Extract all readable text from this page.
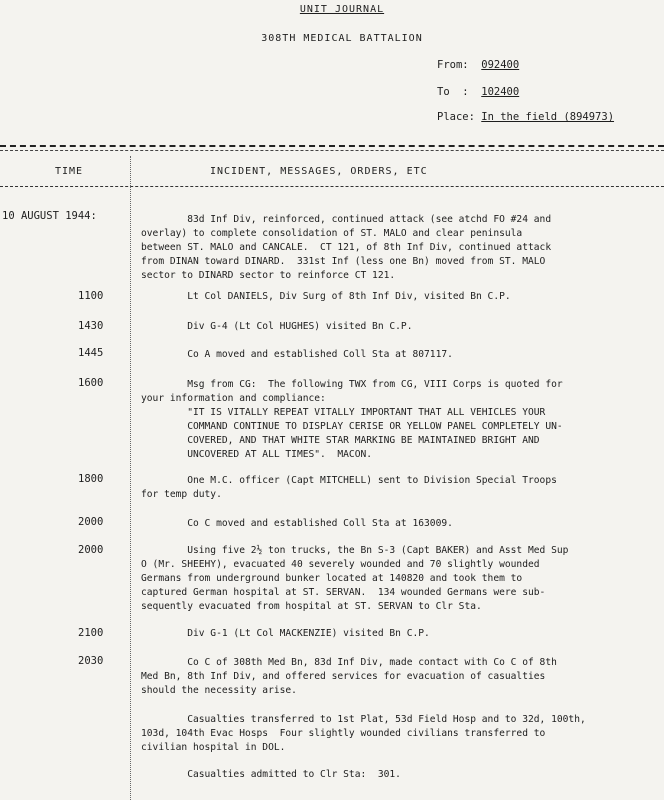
UNIT JOURNAL
308TH MEDICAL BATTALION
From:  092400
To  :  102400
Place: In the field (894973)
TIME	INCIDENT, MESSAGES, ORDERS, ETC
10 AUGUST 1944:	83d Inf Div, reinforced, continued attack (see atchd FO #24 and
overlay) to complete consolidation of ST. MALO and clear peninsula
between ST. MALO and CANCALE.  CT 121, of 8th Inf Div, continued attack
from DINAN toward DINARD.  331st Inf (less one Bn) moved from ST. MALO
sector to DINARD sector to reinforce CT 121.
1100	Lt Col DANIELS, Div Surg of 8th Inf Div, visited Bn C.P.
1430	Div G-4 (Lt Col HUGHES) visited Bn C.P.
1445	Co A moved and established Coll Sta at 807117.
1600	Msg from CG:  The following TWX from CG, VIII Corps is quoted for
your information and compliance:
"IT IS VITALLY REPEAT VITALLY IMPORTANT THAT ALL VEHICLES YOUR
COMMAND CONTINUE TO DISPLAY CERISE OR YELLOW PANEL COMPLETELY UN-
COVERED, AND THAT WHITE STAR MARKING BE MAINTAINED BRIGHT AND
UNCOVERED AT ALL TIMES".  MACON.
1800	One M.C. officer (Capt MITCHELL) sent to Division Special Troops
for temp duty.
2000	Co C moved and established Coll Sta at 163009.
2000	Using five 2½ ton trucks, the Bn S-3 (Capt BAKER) and Asst Med Sup
O (Mr. SHEEHY), evacuated 40 severely wounded and 70 slightly wounded
Germans from underground bunker located at 140820 and took them to
captured German hospital at ST. SERVAN.  134 wounded Germans were sub-
sequently evacuated from hospital at ST. SERVAN to Clr Sta.
2100	Div G-1 (Lt Col MACKENZIE) visited Bn C.P.
2030	Co C of 308th Med Bn, 83d Inf Div, made contact with Co C of 8th
Med Bn, 8th Inf Div, and offered services for evacuation of casualties
should the necessity arise.
Casualties transferred to 1st Plat, 53d Field Hosp and to 32d, 100th,
103d, 104th Evac Hosps  Four slightly wounded civilians transferred to
civilian hospital in DOL.
Casualties admitted to Clr Sta:  301.
